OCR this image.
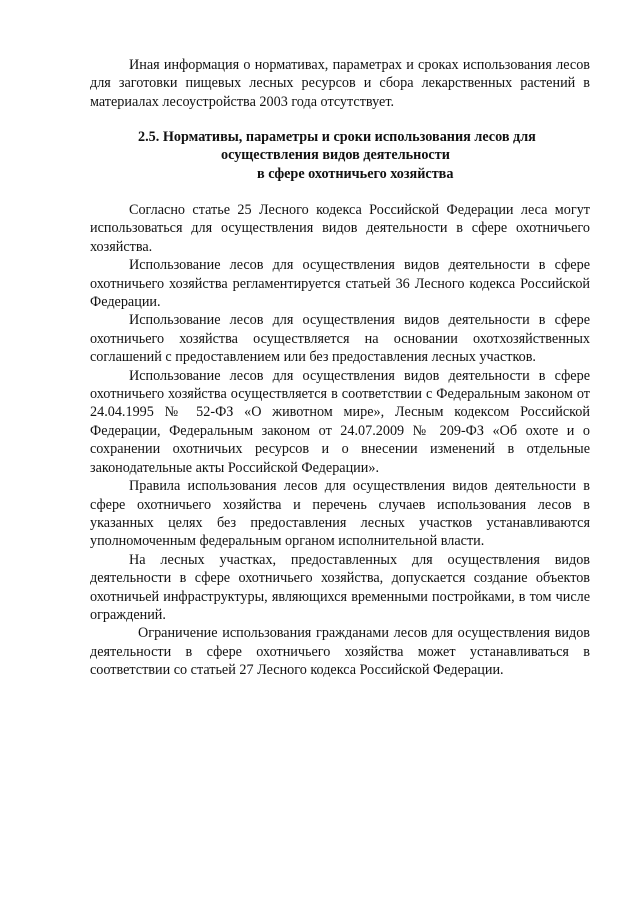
Иная информация о нормативах, параметрах и сроках использования лесов для заготовки пищевых лесных ресурсов и сбора лекарственных растений в материалах лесоустройства 2003 года отсутствует.

2.5. Нормативы, параметры и сроки использования лесов для
осуществления видов деятельности
в сфере охотничьего хозяйства

Согласно статье 25 Лесного кодекса Российской Федерации леса могут использоваться для осуществления видов деятельности в сфере охотничьего хозяйства.

Использование лесов для осуществления видов деятельности в сфере охотничьего хозяйства регламентируется статьей 36 Лесного кодекса Российской Федерации.

Использование лесов для осуществления видов деятельности в сфере охотничьего хозяйства осуществляется на основании охотхозяйственных соглашений с предоставлением или без предоставления лесных участков.

Использование лесов для осуществления видов деятельности в сфере охотничьего хозяйства осуществляется в соответствии с Федеральным законом от 24.04.1995 № 52-ФЗ «О животном мире», Лесным кодексом Российской Федерации, Федеральным законом от 24.07.2009 № 209-ФЗ «Об охоте и о сохранении охотничьих ресурсов и о внесении изменений в отдельные законодательные акты Российской Федерации».

Правила использования лесов для осуществления видов деятельности в сфере охотничьего хозяйства и перечень случаев использования лесов в указанных целях без предоставления лесных участков устанавливаются уполномоченным федеральным органом исполнительной власти.

На лесных участках, предоставленных для осуществления видов деятельности в сфере охотничьего хозяйства, допускается создание объектов охотничьей инфраструктуры, являющихся временными постройками, в том числе ограждений.

Ограничение использования гражданами лесов для осуществления видов деятельности в сфере охотничьего хозяйства может устанавливаться в соответствии со статьей 27 Лесного кодекса Российской Федерации.
